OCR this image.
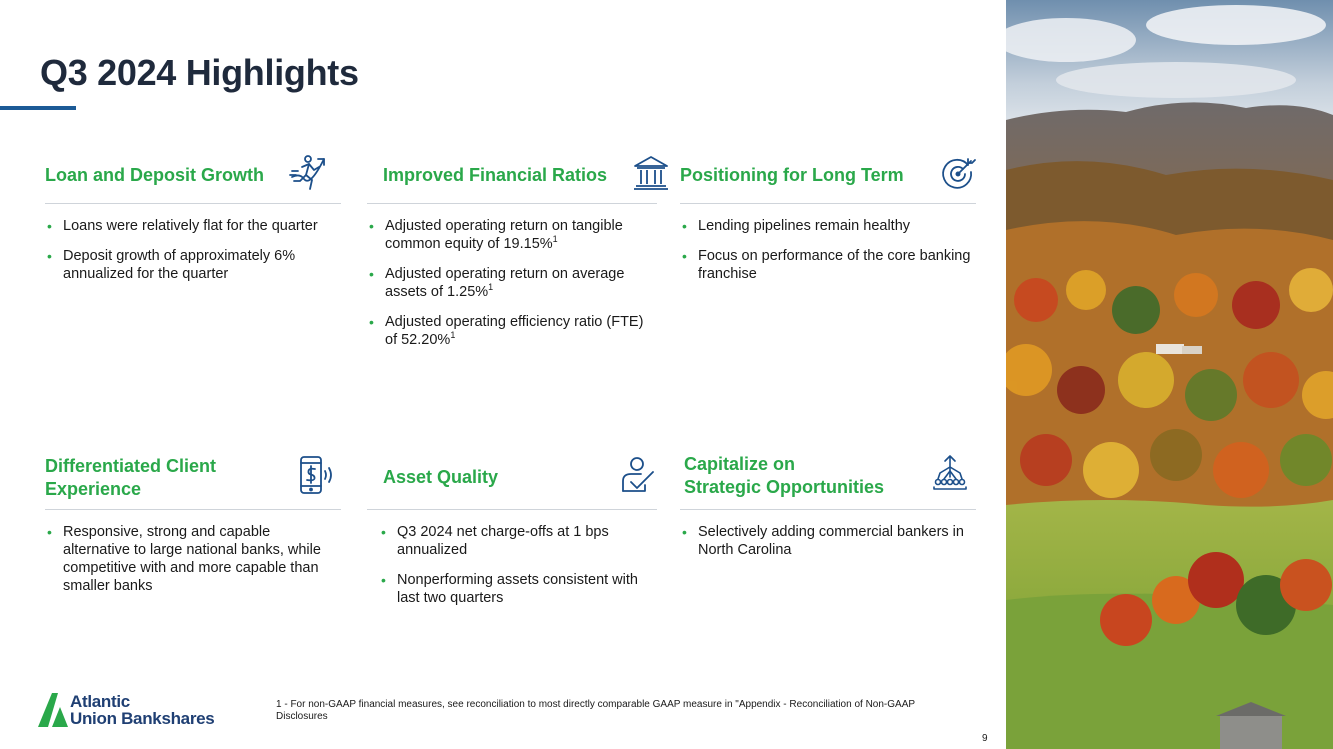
Q3 2024 Highlights
Loan and Deposit Growth
• Loans were relatively flat for the quarter
• Deposit growth of approximately 6% annualized for the quarter
Improved Financial Ratios
• Adjusted operating return on tangible common equity of 19.15%$^1$
• Adjusted operating return on average assets of 1.25%$^1$
• Adjusted operating efficiency ratio (FTE) of 52.20%$^1$
Positioning for Long Term
• Lending pipelines remain healthy
• Focus on performance of the core banking franchise
Differentiated Client
Experience
• Responsive, strong and capable alternative to large national banks, while competitive with and more capable than smaller banks
Asset Quality
• Q3 2024 net charge-offs at 1 bps annualized
• Nonperforming assets consistent with last two quarters
Capitalize on
Strategic Opportunities
• Selectively adding commercial bankers in North Carolina
Atlantic
Union Bankshares
1 - For non-GAAP financial measures, see reconciliation to most directly comparable GAAP measure in "Appendix - Reconciliation of Non-GAAP Disclosures
9
